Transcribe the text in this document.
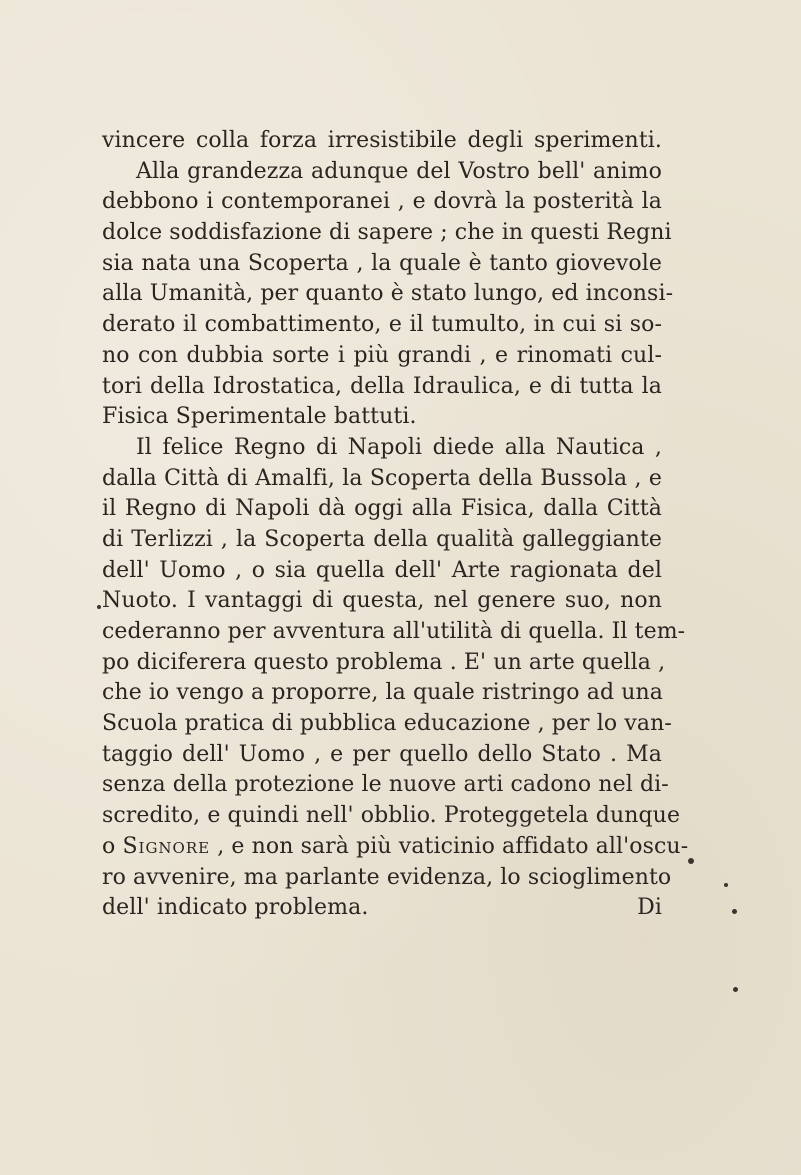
vincere colla forza irresistibile degli sperimenti.
Alla grandezza adunque del Vostro bell' animo
debbono i contemporanei , e dovrà la posterità la
dolce soddisfazione di sapere ; che in questi Regni
sia nata una Scoperta , la quale è tanto giovevole
alla Umanità, per quanto è stato lungo, ed inconsi-
derato il combattimento, e il tumulto, in cui si so-
no con dubbia sorte i più grandi , e rinomati cul-
tori della Idrostatica, della Idraulica, e di tutta la
Fisica Sperimentale battuti.
Il felice Regno di Napoli diede alla Nautica ,
dalla Città di Amalfi, la Scoperta della Bussola , e
il Regno di Napoli dà oggi alla Fisica, dalla Città
di Terlizzi , la Scoperta della qualità galleggiante
dell' Uomo , o sia quella dell' Arte ragionata del
Nuoto. I vantaggi di questa, nel genere suo, non
cederanno per avventura all'utilità di quella. Il tem-
po diciferera questo problema . E' un arte quella ,
che io vengo a proporre, la quale ristringo ad una
Scuola pratica di pubblica educazione , per lo van-
taggio dell' Uomo , e per quello dello Stato . Ma
senza della protezione le nuove arti cadono nel di-
scredito, e quindi nell' obblio. Proteggetela dunque
o Signore , e non sarà più vaticinio affidato all'oscu-
ro avvenire, ma parlante evidenza, lo scioglimento
dell' indicato problema.	Di
